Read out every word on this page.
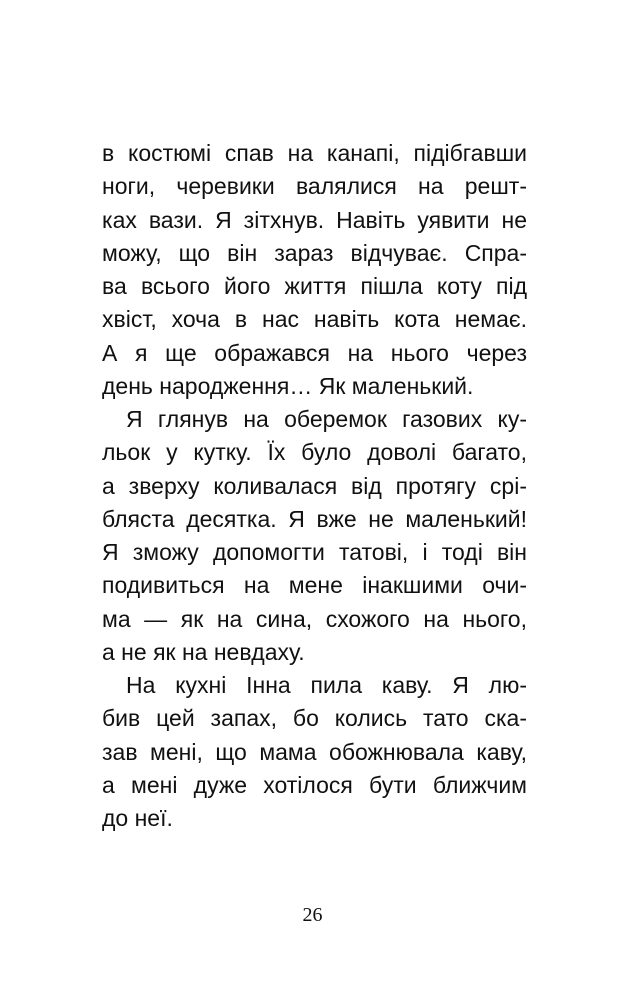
в костюмі спав на канапі, підібгавши
ноги, черевики валялися на решт-
ках вази. Я зітхнув. Навіть уявити не
можу, що він зараз відчуває. Спра-
ва всього його життя пішла коту під
хвіст, хоча в нас навіть кота немає.
А я ще ображався на нього через
день народження… Як маленький.
Я глянув на оберемок газових ку-
льок у кутку. Їх було доволі багато,
а зверху коливалася від протягу срі-
бляста десятка. Я вже не маленький!
Я зможу допомогти татові, і тоді він
подивиться на мене інакшими очи-
ма — як на сина, схожого на нього,
а не як на невдаху.
На кухні Інна пила каву. Я лю-
бив цей запах, бо колись тато ска-
зав мені, що мама обожнювала каву,
а мені дуже хотілося бути ближчим
до неї.
26
